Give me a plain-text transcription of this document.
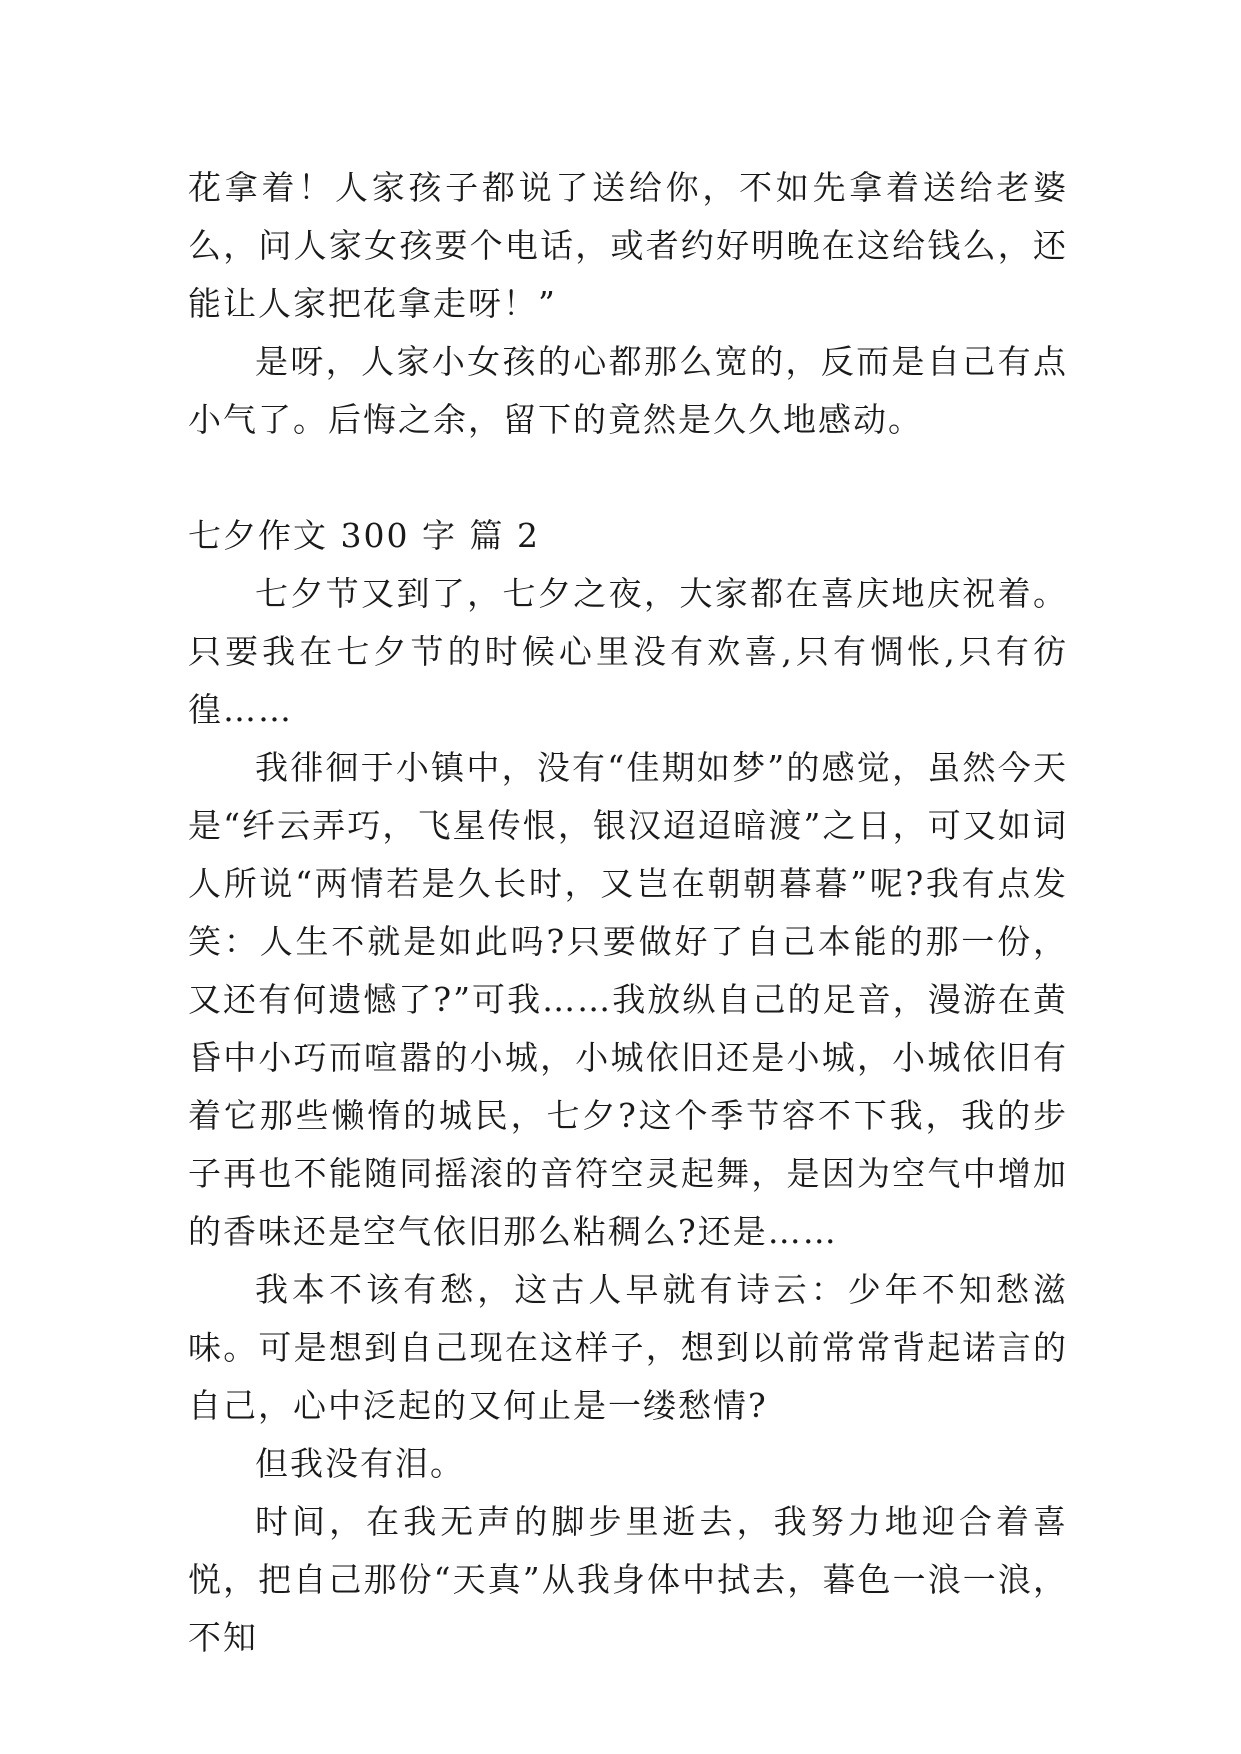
花拿着！人家孩子都说了送给你，不如先拿着送给老婆么，问人家女孩要个电话，或者约好明晚在这给钱么，还能让人家把花拿走呀！”

是呀，人家小女孩的心都那么宽的，反而是自己有点小气了。后悔之余，留下的竟然是久久地感动。

七夕作文 300 字 篇 2

七夕节又到了，七夕之夜，大家都在喜庆地庆祝着。只要我在七夕节的时候心里没有欢喜,只有惆怅,只有彷徨……

我徘徊于小镇中，没有“佳期如梦”的感觉，虽然今天是“纤云弄巧，飞星传恨，银汉迢迢暗渡”之日，可又如词人所说“两情若是久长时，又岂在朝朝暮暮”呢?我有点发笑：人生不就是如此吗?只要做好了自己本能的那一份，又还有何遗憾了?”可我……我放纵自己的足音，漫游在黄昏中小巧而喧嚣的小城，小城依旧还是小城，小城依旧有着它那些懒惰的城民，七夕?这个季节容不下我，我的步子再也不能随同摇滚的音符空灵起舞，是因为空气中增加的香味还是空气依旧那么粘稠么?还是……

我本不该有愁，这古人早就有诗云：少年不知愁滋味。可是想到自己现在这样子，想到以前常常背起诺言的自己，心中泛起的又何止是一缕愁情?

但我没有泪。

时间，在我无声的脚步里逝去，我努力地迎合着喜悦，把自己那份“天真”从我身体中拭去，暮色一浪一浪，不知
